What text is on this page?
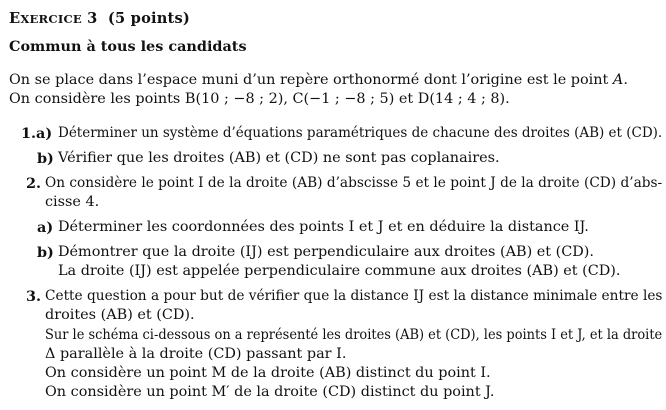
EXERCICE 3 (5 points)
Commun à tous les candidats
On se place dans l’espace muni d’un repère orthonormé dont l’origine est le point A.
On considère les points B(10 ; −8 ; 2), C(−1 ; −8 ; 5) et D(14 ; 4 ; 8).
1.a) Déterminer un système d’équations paramétriques de chacune des droites (AB) et (CD).
b) Vérifier que les droites (AB) et (CD) ne sont pas coplanaires.
2. On considère le point I de la droite (AB) d’abscisse 5 et le point J de la droite (CD) d’abs-
cisse 4.
a) Déterminer les coordonnées des points I et J et en déduire la distance IJ.
b) Démontrer que la droite (IJ) est perpendiculaire aux droites (AB) et (CD).
La droite (IJ) est appelée perpendiculaire commune aux droites (AB) et (CD).
3. Cette question a pour but de vérifier que la distance IJ est la distance minimale entre les
droites (AB) et (CD).
Sur le schéma ci-dessous on a représenté les droites (AB) et (CD), les points I et J, et la droite
Δ parallèle à la droite (CD) passant par I.
On considère un point M de la droite (AB) distinct du point I.
On considère un point M′ de la droite (CD) distinct du point J.
